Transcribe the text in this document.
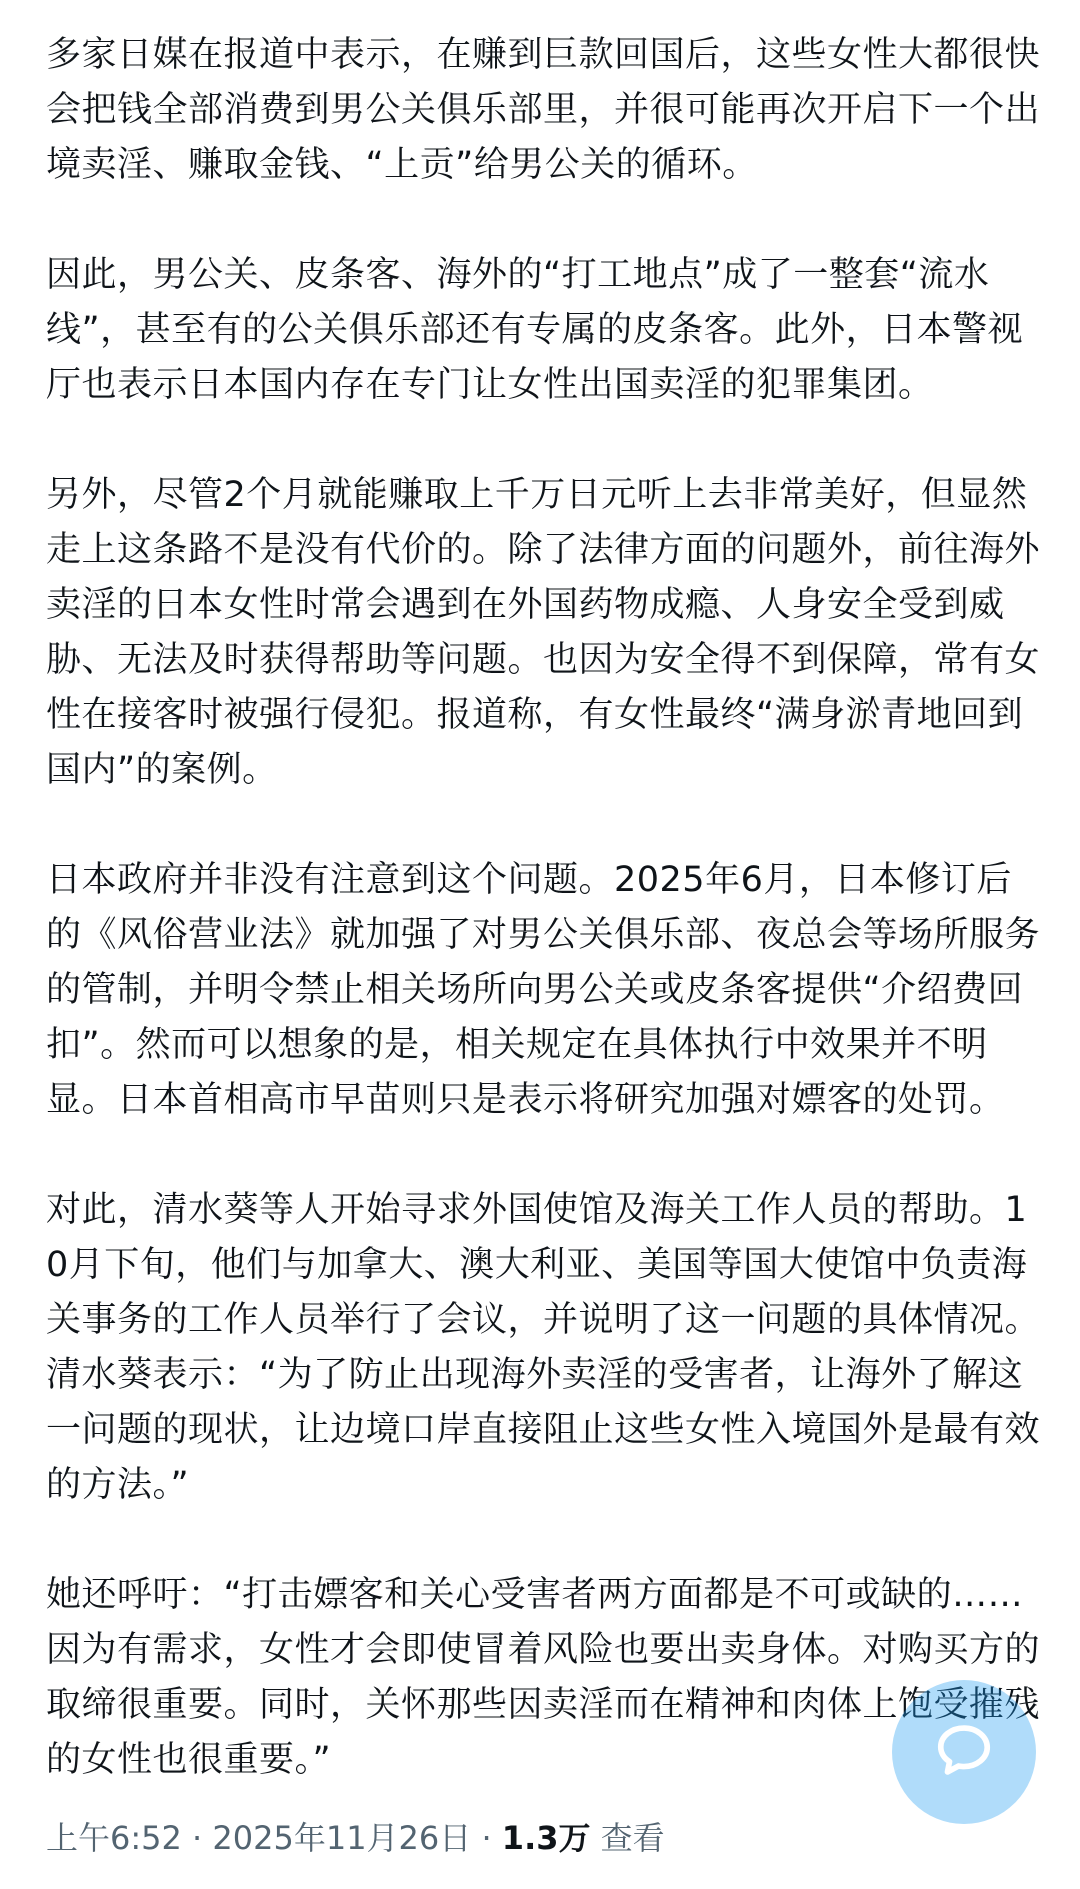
多家日媒在报道中表示，在赚到巨款回国后，这些女性大都很快会把钱全部消费到男公关俱乐部里，并很可能再次开启下一个出境卖淫、赚取金钱、“上贡”给男公关的循环。

因此，男公关、皮条客、海外的“打工地点”成了一整套“流水线”，甚至有的公关俱乐部还有专属的皮条客。此外，日本警视厅也表示日本国内存在专门让女性出国卖淫的犯罪集团。

另外，尽管2个月就能赚取上千万日元听上去非常美好，但显然走上这条路不是没有代价的。除了法律方面的问题外，前往海外卖淫的日本女性时常会遇到在外国药物成瘾、人身安全受到威胁、无法及时获得帮助等问题。也因为安全得不到保障，常有女性在接客时被强行侵犯。报道称，有女性最终“满身淤青地回到国内”的案例。

日本政府并非没有注意到这个问题。2025年6月，日本修订后的《风俗营业法》就加强了对男公关俱乐部、夜总会等场所服务的管制，并明令禁止相关场所向男公关或皮条客提供“介绍费回扣”。然而可以想象的是，相关规定在具体执行中效果并不明显。日本首相高市早苗则只是表示将研究加强对嫖客的处罚。

对此，清水葵等人开始寻求外国使馆及海关工作人员的帮助。10月下旬，他们与加拿大、澳大利亚、美国等国大使馆中负责海关事务的工作人员举行了会议，并说明了这一问题的具体情况。清水葵表示：“为了防止出现海外卖淫的受害者，让海外了解这一问题的现状，让边境口岸直接阻止这些女性入境国外是最有效的方法。”

她还呼吁：“打击嫖客和关心受害者两方面都是不可或缺的……因为有需求，女性才会即使冒着风险也要出卖身体。对购买方的取缔很重要。同时，关怀那些因卖淫而在精神和肉体上饱受摧残的女性也很重要。”

上午6:52 · 2025年11月26日 · 1.3万 查看
